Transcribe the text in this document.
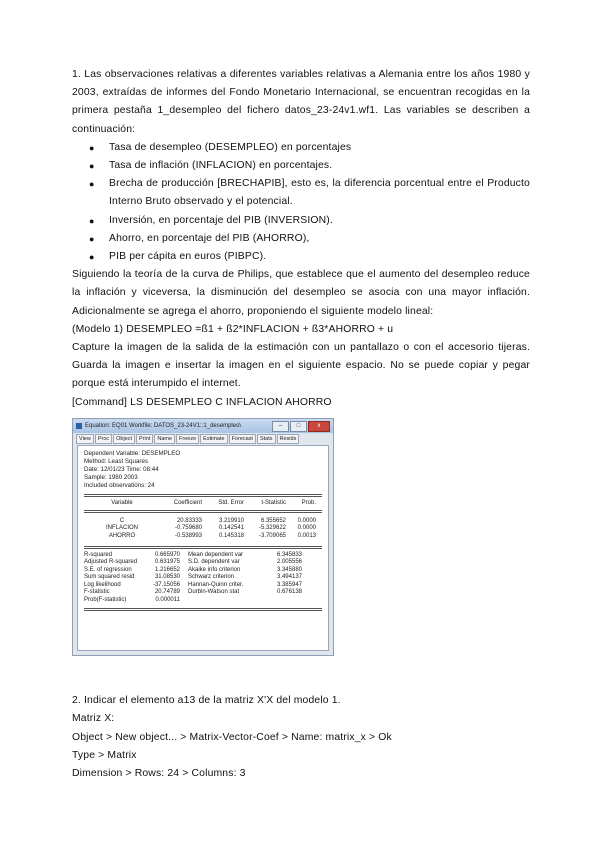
1. Las observaciones relativas a diferentes variables relativas a Alemania entre los años 1980 y 2003, extraídas de informes del Fondo Monetario Internacional, se encuentran recogidas en la primera pestaña 1_desempleo del fichero datos_23-24v1.wf1. Las variables se describen a continuación:

● Tasa de desempleo (DESEMPLEO) en porcentajes
● Tasa de inflación (INFLACION) en porcentajes.
● Brecha de producción [BRECHAPIB], esto es, la diferencia porcentual entre el Producto Interno Bruto observado y el potencial.
● Inversión, en porcentaje del PIB (INVERSION).
● Ahorro, en porcentaje del PIB (AHORRO),
● PIB per cápita en euros (PIBPC).

Siguiendo la teoría de la curva de Philips, que establece que el aumento del desempleo reduce la inflación y viceversa, la disminución del desempleo se asocia con una mayor inflación. Adicionalmente se agrega el ahorro, proponiendo el siguiente modelo lineal:

(Modelo 1) DESEMPLEO =ß1 + ß2*INFLACION + ß3*AHORRO + u

Capture la imagen de la salida de la estimación con un pantallazo o con el accesorio tijeras. Guarda la imagen e insertar la imagen en el siguiente espacio. No se puede copiar y pegar porque está interumpido el internet.

[Command] LS DESEMPLEO C INFLACION AHORRO

Equation: EQ01 Workfile: DATOS_23-24V1::1_desempleo\	–	□	x
View	Proc	Object	Print	Name	Freeze	Estimate	Forecast	Stats	Resids
Dependent Variable: DESEMPLEO
Method: Least Squares
Date: 12/01/23 Time: 08:44
Sample: 1980 2003
Included observations: 24
Variable	Coefficient	Std. Error	t-Statistic	Prob.
C	20.83333	3.219910	6.355652	0.0000
INFLACION	-0.759680	0.142541	-5.329622	0.0000
AHORRO	-0.538993	0.145318	-3.709065	0.0013
R-squared	0.665970	Mean dependent var	6.345833
Adjusted R-squared	0.631975	S.D. dependent var	2.005556
S.E. of regression	1.216652	Akaike info criterion	3.345880
Sum squared resid	31.08530	Schwarz criterion	3.494137
Log likelihood	-37.15056	Hannan-Quinn criter.	3.385947
F-statistic	20.74789	Durbin-Watson stat	0.676138
Prob(F-statistic)	0.000011

2. Indicar el elemento a13 de la matriz X'X del modelo 1.

Matriz X:

Object > New object... > Matrix-Vector-Coef > Name: matrix_x > Ok

Type > Matrix

Dimension > Rows: 24 > Columns: 3
